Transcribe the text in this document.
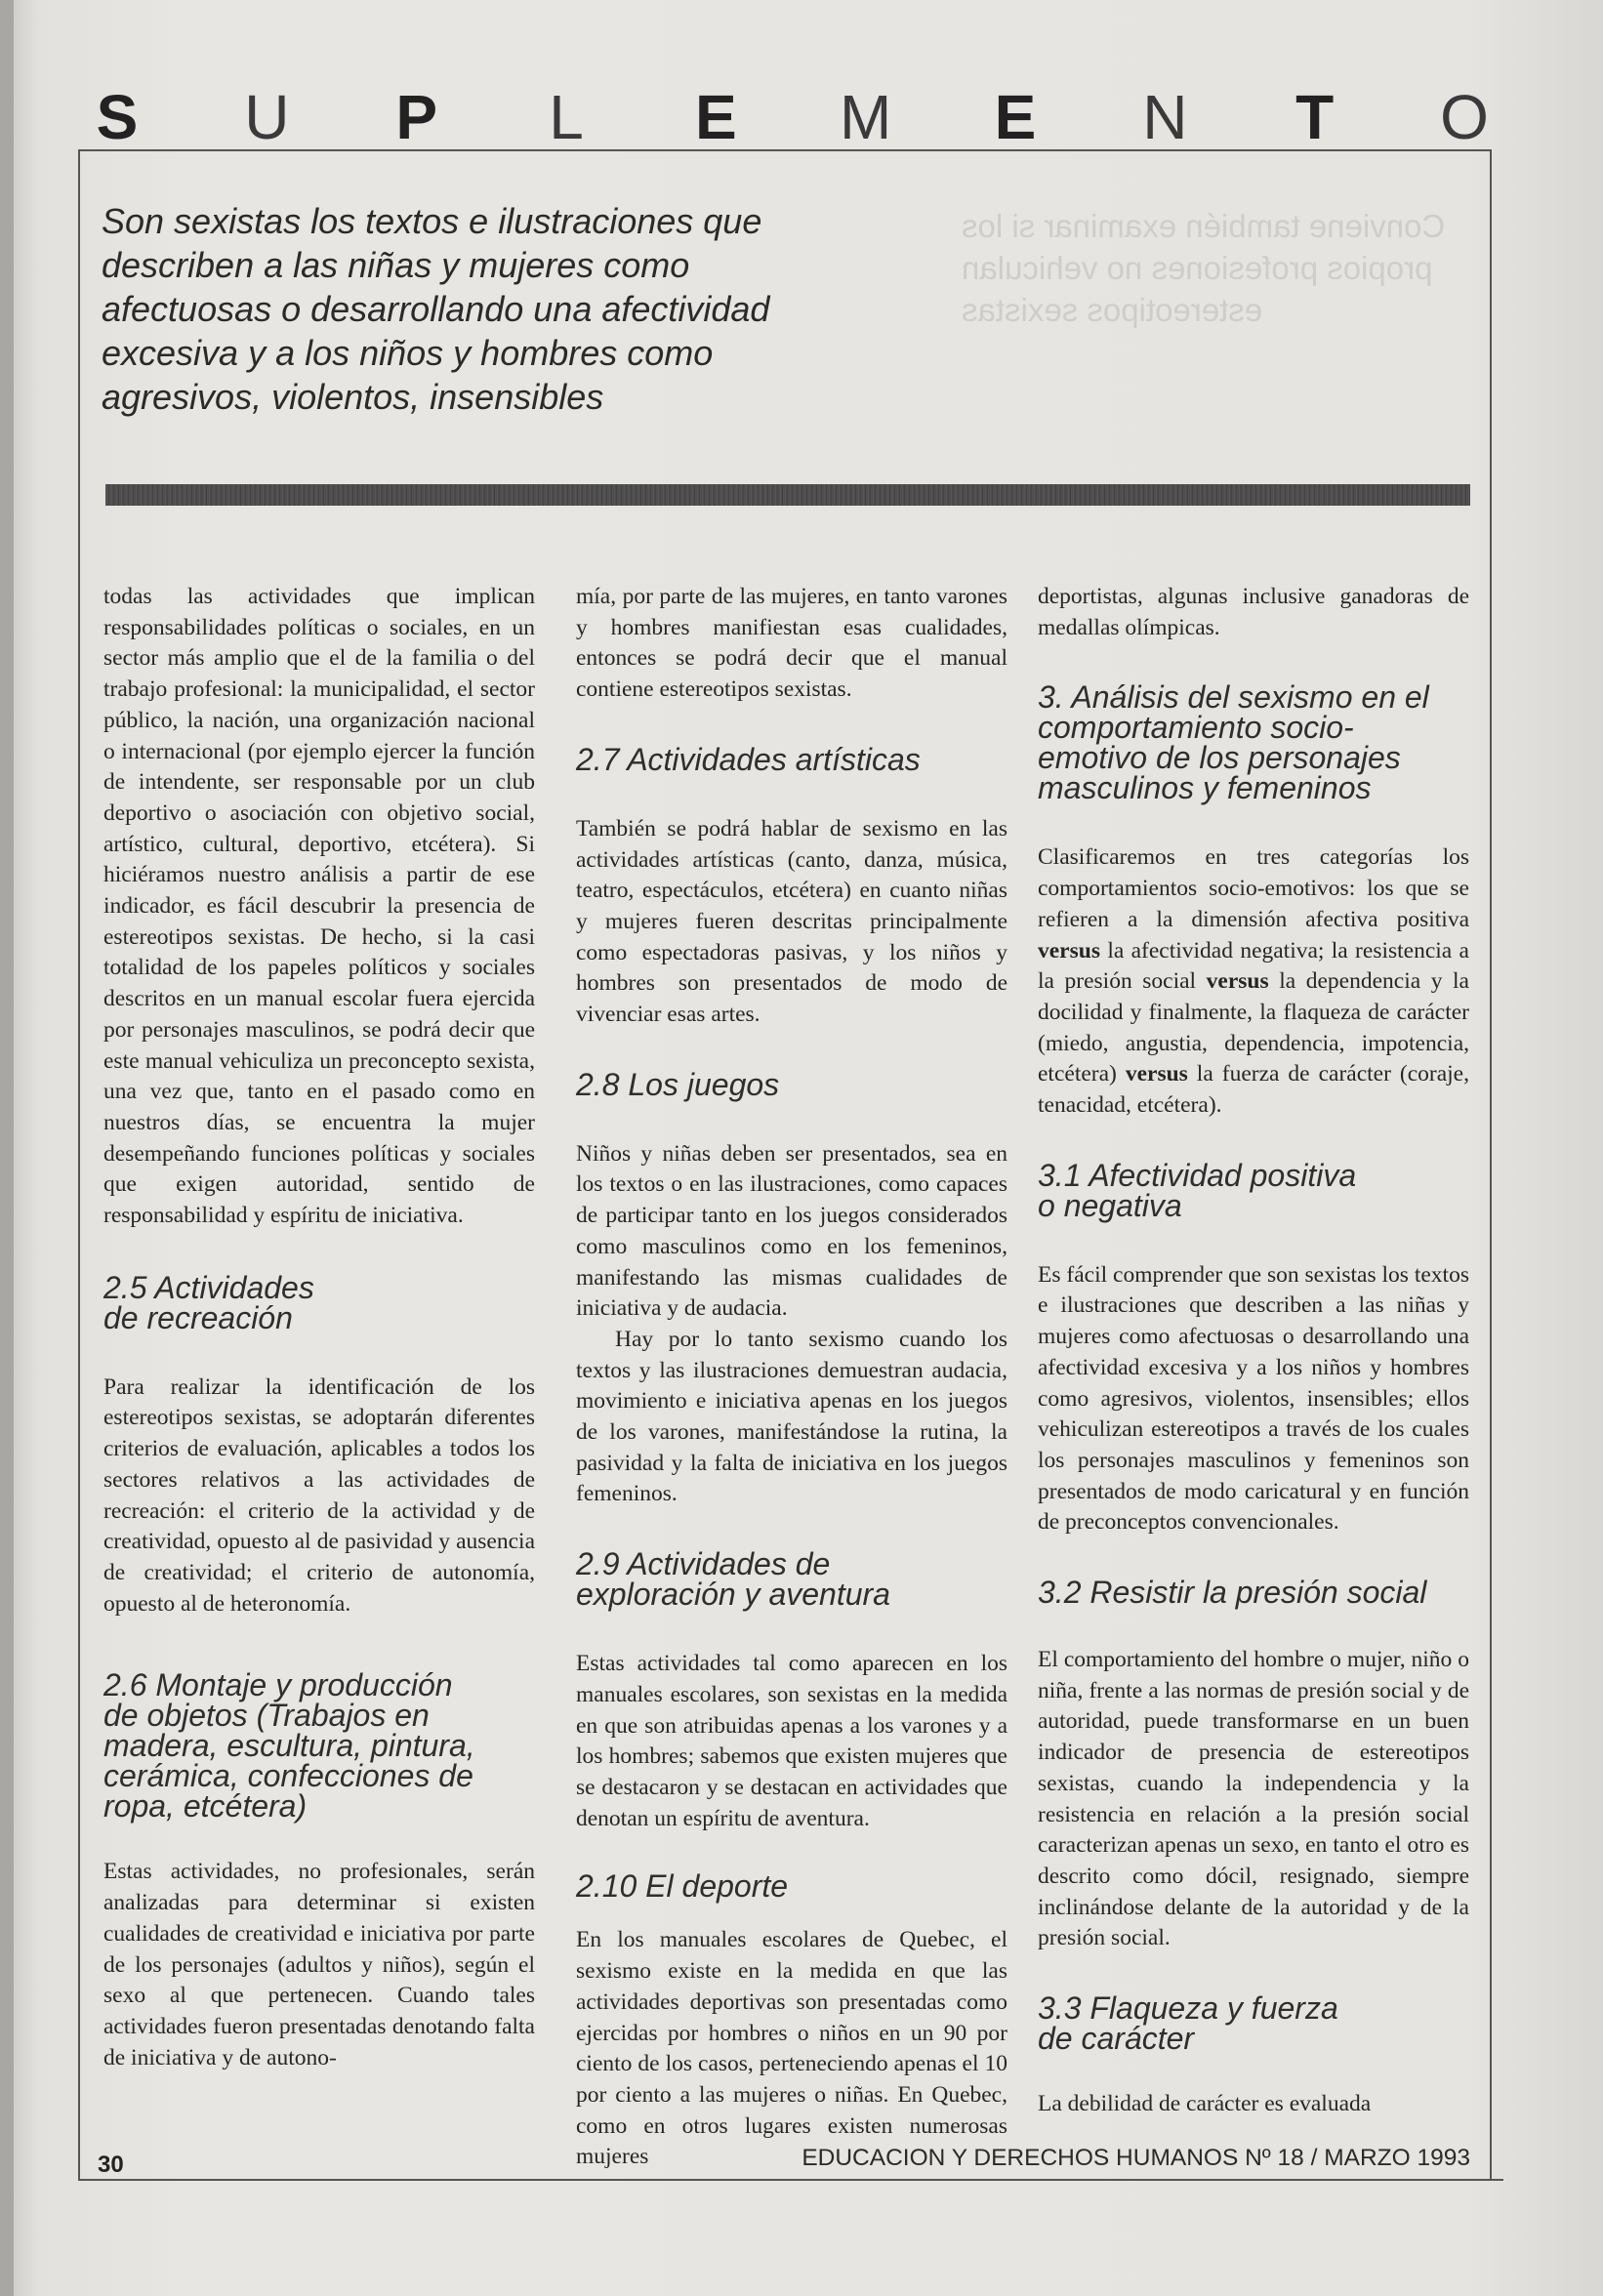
S U P	L	E M E N	T	O
Son sexistas los textos e ilustraciones que describen a las niñas y mujeres como afectuosas o desarrollando una afectividad excesiva y a los niños y hombres como agresivos, violentos, insensibles
Conviene también examinar si los propios profesiones no vehiculan estereotipos sexistas

todas las actividades que implican responsabilidades políticas o sociales, en un sector más amplio que el de la familia o del trabajo profesional: la municipalidad, el sector público, la nación, una organización nacional o internacional (por ejemplo ejercer la función de intendente, ser responsable por un club deportivo o asociación con objetivo social, artístico, cultural, deportivo, etcétera). Si hiciéramos nuestro análisis a partir de ese indicador, es fácil descubrir la presencia de estereotipos sexistas. De hecho, si la casi totalidad de los papeles políticos y sociales descritos en un manual escolar fuera ejercida por personajes masculinos, se podrá decir que este manual vehiculiza un preconcepto sexista, una vez que, tanto en el pasado como en nuestros días, se encuentra la mujer desempeñando funciones políticas y sociales que exigen autoridad, sentido de responsabilidad y espíritu de iniciativa.

2.5 Actividades
de recreación

Para realizar la identificación de los estereotipos sexistas, se adoptarán diferentes criterios de evaluación, aplicables a todos los sectores relativos a las actividades de recreación: el criterio de la actividad y de creatividad, opuesto al de pasividad y ausencia de creatividad; el criterio de autonomía, opuesto al de heteronomía.

2.6 Montaje y producción
de objetos (Trabajos en
madera, escultura, pintura,
cerámica, confecciones de
ropa, etcétera)

Estas actividades, no profesionales, serán analizadas para determinar si existen cualidades de creatividad e iniciativa por parte de los personajes (adultos y niños), según el sexo al que pertenecen. Cuando tales actividades fueron presentadas denotando falta de iniciativa y de autono-

mía, por parte de las mujeres, en tanto varones y hombres manifiestan esas cualidades, entonces se podrá decir que el manual contiene estereotipos sexistas.

2.7 Actividades artísticas

También se podrá hablar de sexismo en las actividades artísticas (canto, danza, música, teatro, espectáculos, etcétera) en cuanto niñas y mujeres fueren descritas principalmente como espectadoras pasivas, y los niños y hombres son presentados de modo de vivenciar esas artes.

2.8 Los juegos

Niños y niñas deben ser presentados, sea en los textos o en las ilustraciones, como capaces de participar tanto en los juegos considerados como masculinos como en los femeninos, manifestando las mismas cualidades de iniciativa y de audacia.

Hay por lo tanto sexismo cuando los textos y las ilustraciones demuestran audacia, movimiento e iniciativa apenas en los juegos de los varones, manifestándose la rutina, la pasividad y la falta de iniciativa en los juegos femeninos.

2.9 Actividades de
exploración y aventura

Estas actividades tal como aparecen en los manuales escolares, son sexistas en la medida en que son atribuidas apenas a los varones y a los hombres; sabemos que existen mujeres que se destacaron y se destacan en actividades que denotan un espíritu de aventura.

2.10 El deporte

En los manuales escolares de Quebec, el sexismo existe en la medida en que las actividades deportivas son presentadas como ejercidas por hombres o niños en un 90 por ciento de los casos, perteneciendo apenas el 10 por ciento a las mujeres o niñas. En Quebec, como en otros lugares existen numerosas mujeres

deportistas, algunas inclusive ganadoras de medallas olímpicas.

3. Análisis del sexismo en el
comportamiento socio-
emotivo de los personajes
masculinos y femeninos

Clasificaremos en tres categorías los comportamientos socio-emotivos: los que se refieren a la dimensión afectiva positiva versus la afectividad negativa; la resistencia a la presión social versus la dependencia y la docilidad y finalmente, la flaqueza de carácter (miedo, angustia, dependencia, impotencia, etcétera) versus la fuerza de carácter (coraje, tenacidad, etcétera).

3.1 Afectividad positiva
o negativa

Es fácil comprender que son sexistas los textos e ilustraciones que describen a las niñas y mujeres como afectuosas o desarrollando una afectividad excesiva y a los niños y hombres como agresivos, violentos, insensibles; ellos vehiculizan estereotipos a través de los cuales los personajes masculinos y femeninos son presentados de modo caricatural y en función de preconceptos convencionales.

3.2 Resistir la presión social

El comportamiento del hombre o mujer, niño o niña, frente a las normas de presión social y de autoridad, puede transformarse en un buen indicador de presencia de estereotipos sexistas, cuando la independencia y la resistencia en relación a la presión social caracterizan apenas un sexo, en tanto el otro es descrito como dócil, resignado, siempre inclinándose delante de la autoridad y de la presión social.

3.3 Flaqueza y fuerza
de carácter

La debilidad de carácter es evaluada

30	EDUCACION Y DERECHOS HUMANOS Nº 18 / MARZO 1993
